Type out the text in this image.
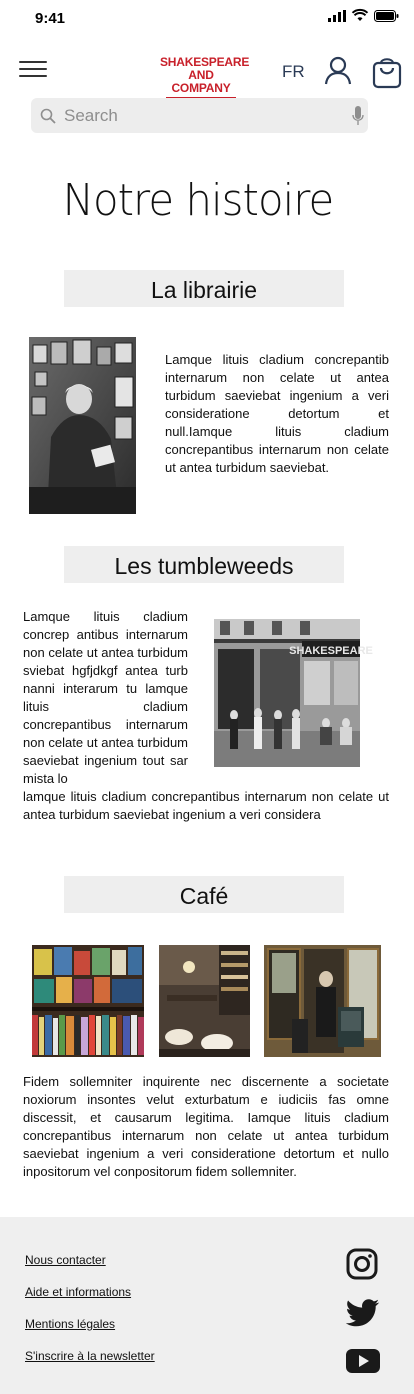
9:41
SHAKESPEARE
AND COMPANY
FR
Search
Notre histoire
La librairie
Lamque lituis cladium concrepantib internarum non celate ut antea turbidum saeviebat ingenium a veri consideratione detortum et null.Iamque lituis cladium concrepantibus internarum non celate ut antea turbidum saeviebat.
Les tumbleweeds
Lamque lituis cladium concrep antibus internarum non celate ut antea turbidum sviebat hgfjdkgf antea turb nanni interarum tu lamque lituis cladium concrepantibus internarum non celate ut antea turbidum saeviebat ingenium tout sar mista lo
SHAKESPEARE
lamque lituis cladium concrepantibus internarum non celate ut antea turbidum saeviebat ingenium a veri considera
Café
Fidem sollemniter inquirente nec discernente a societate noxiorum insontes velut exturbatum e iudiciis fas omne discessit, et causarum legitima. Iamque lituis cladium concrepantibus internarum non celate ut antea turbidum saeviebat ingenium a veri consideratione detortum et nullo inpositorum vel conpositorum fidem sollemniter.
Nous contacter
Aide et informations
Mentions légales
S'inscrire à la newsletter
